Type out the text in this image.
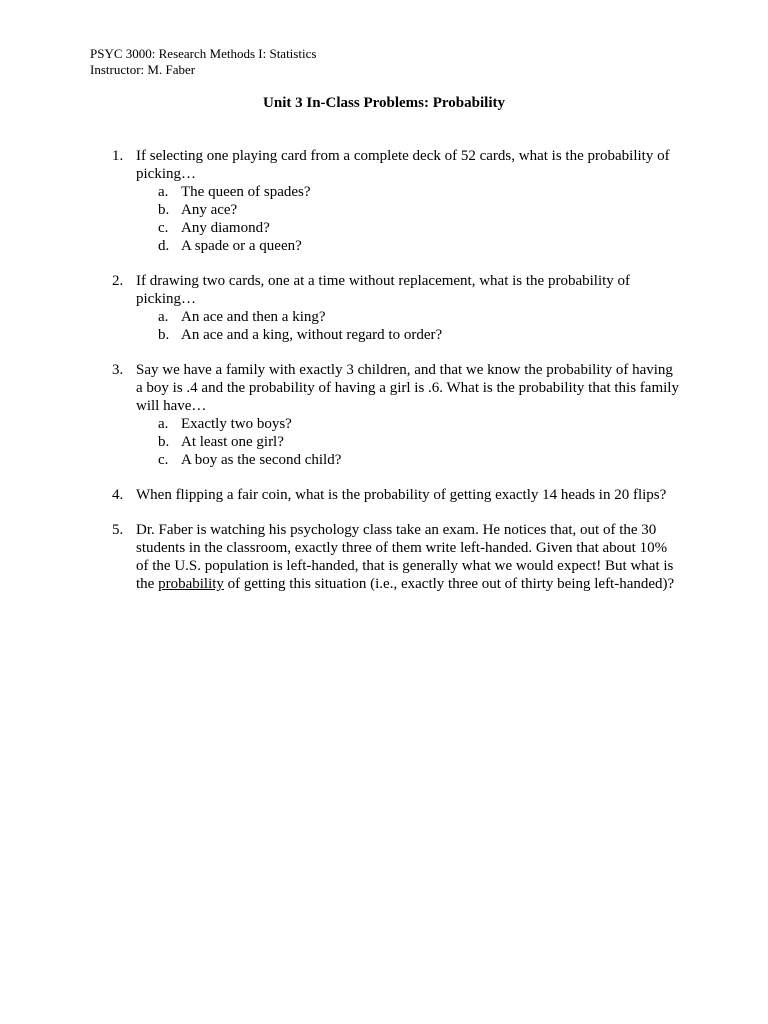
PSYC 3000: Research Methods I: Statistics
Instructor: M. Faber
Unit 3 In-Class Problems: Probability
1. If selecting one playing card from a complete deck of 52 cards, what is the probability of picking…
a. The queen of spades?
b. Any ace?
c. Any diamond?
d. A spade or a queen?
2. If drawing two cards, one at a time without replacement, what is the probability of picking…
a. An ace and then a king?
b. An ace and a king, without regard to order?
3. Say we have a family with exactly 3 children, and that we know the probability of having a boy is .4 and the probability of having a girl is .6. What is the probability that this family will have…
a. Exactly two boys?
b. At least one girl?
c. A boy as the second child?
4. When flipping a fair coin, what is the probability of getting exactly 14 heads in 20 flips?
5. Dr. Faber is watching his psychology class take an exam. He notices that, out of the 30 students in the classroom, exactly three of them write left-handed. Given that about 10% of the U.S. population is left-handed, that is generally what we would expect! But what is the probability of getting this situation (i.e., exactly three out of thirty being left-handed)?
